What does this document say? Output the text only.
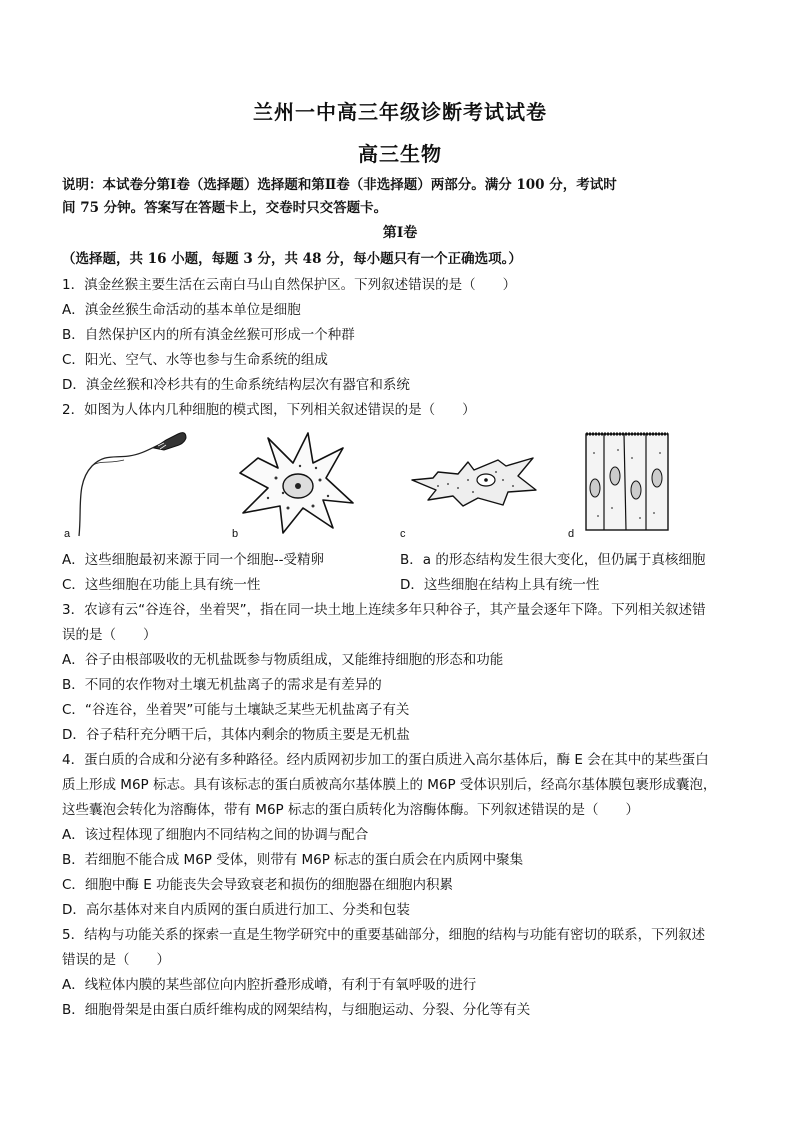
兰州一中高三年级诊断考试试卷
高三生物
说明：本试卷分第Ⅰ卷（选择题）选择题和第Ⅱ卷（非选择题）两部分。满分 100 分，考试时
间 75 分钟。答案写在答题卡上，交卷时只交答题卡。
第Ⅰ卷
（选择题，共 16 小题，每题 3 分，共 48 分，每小题只有一个正确选项。）
1．滇金丝猴主要生活在云南白马山自然保护区。下列叙述错误的是（　　）
A．滇金丝猴生命活动的基本单位是细胞
B．自然保护区内的所有滇金丝猴可形成一个种群
C．阳光、空气、水等也参与生命系统的组成
D．滇金丝猴和冷杉共有的生命系统结构层次有器官和系统
2．如图为人体内几种细胞的模式图，下列相关叙述错误的是（　　）
a	b	c	d
A．这些细胞最初来源于同一个细胞--受精卵	B．a 的形态结构发生很大变化，但仍属于真核细胞
C．这些细胞在功能上具有统一性	D．这些细胞在结构上具有统一性
3．农谚有云“谷连谷，坐着哭”，指在同一块土地上连续多年只种谷子，其产量会逐年下降。下列相关叙述错
误的是（　　）
A．谷子由根部吸收的无机盐既参与物质组成，又能维持细胞的形态和功能
B．不同的农作物对土壤无机盐离子的需求是有差异的
C．“谷连谷，坐着哭”可能与土壤缺乏某些无机盐离子有关
D．谷子秸秆充分晒干后，其体内剩余的物质主要是无机盐
4．蛋白质的合成和分泌有多种路径。经内质网初步加工的蛋白质进入高尔基体后，酶 E 会在其中的某些蛋白
质上形成 M6P 标志。具有该标志的蛋白质被高尔基体膜上的 M6P 受体识别后，经高尔基体膜包裹形成囊泡，
这些囊泡会转化为溶酶体，带有 M6P 标志的蛋白质转化为溶酶体酶。下列叙述错误的是（　　）
A．该过程体现了细胞内不同结构之间的协调与配合
B．若细胞不能合成 M6P 受体，则带有 M6P 标志的蛋白质会在内质网中聚集
C．细胞中酶 E 功能丧失会导致衰老和损伤的细胞器在细胞内积累
D．高尔基体对来自内质网的蛋白质进行加工、分类和包装
5．结构与功能关系的探索一直是生物学研究中的重要基础部分，细胞的结构与功能有密切的联系，下列叙述
错误的是（　　）
A．线粒体内膜的某些部位向内腔折叠形成嵴，有利于有氧呼吸的进行
B．细胞骨架是由蛋白质纤维构成的网架结构，与细胞运动、分裂、分化等有关
